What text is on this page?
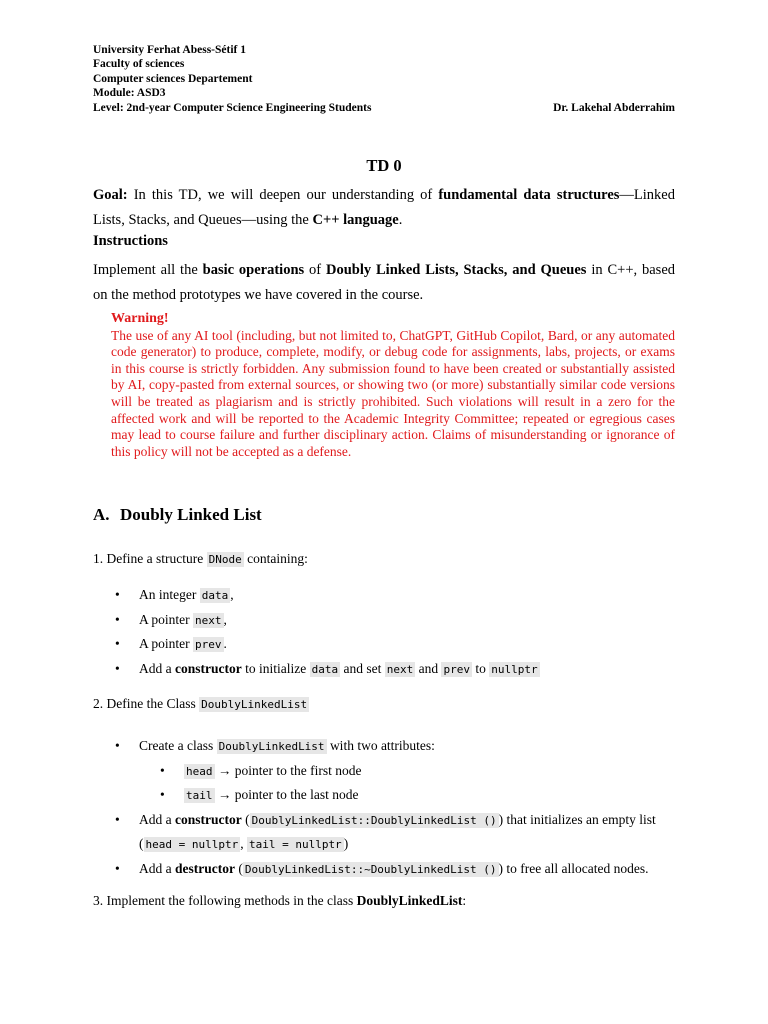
University Ferhat Abess-Sétif 1
Faculty of sciences
Computer sciences Departement
Module: ASD3
Level: 2nd-year Computer Science Engineering Students	Dr. Lakehal Abderrahim
TD 0
Goal: In this TD, we will deepen our understanding of fundamental data structures—Linked Lists, Stacks, and Queues—using the C++ language.
Instructions
Implement all the basic operations of Doubly Linked Lists, Stacks, and Queues in C++, based on the method prototypes we have covered in the course.
Warning!
The use of any AI tool (including, but not limited to, ChatGPT, GitHub Copilot, Bard, or any automated code generator) to produce, complete, modify, or debug code for assignments, labs, projects, or exams in this course is strictly forbidden. Any submission found to have been created or substantially assisted by AI, copy-pasted from external sources, or showing two (or more) substantially similar code versions will be treated as plagiarism and is strictly prohibited. Such violations will result in a zero for the affected work and will be reported to the Academic Integrity Committee; repeated or egregious cases may lead to course failure and further disciplinary action. Claims of misunderstanding or ignorance of this policy will not be accepted as a defense.
A. Doubly Linked List
1. Define a structure DNode containing:
• An integer data ,
• A pointer next ,
• A pointer prev .
• Add a constructor to initialize data and set next and prev to nullptr
2. Define the Class DoublyLinkedList
• Create a class DoublyLinkedList with two attributes:
• head → pointer to the first node
• tail → pointer to the last node
• Add a constructor ( DoublyLinkedList::DoublyLinkedList () ) that initializes an empty list ( head = nullptr , tail = nullptr )
• Add a destructor ( DoublyLinkedList::~DoublyLinkedList () ) to free all allocated nodes.
3. Implement the following methods in the class DoublyLinkedList:
